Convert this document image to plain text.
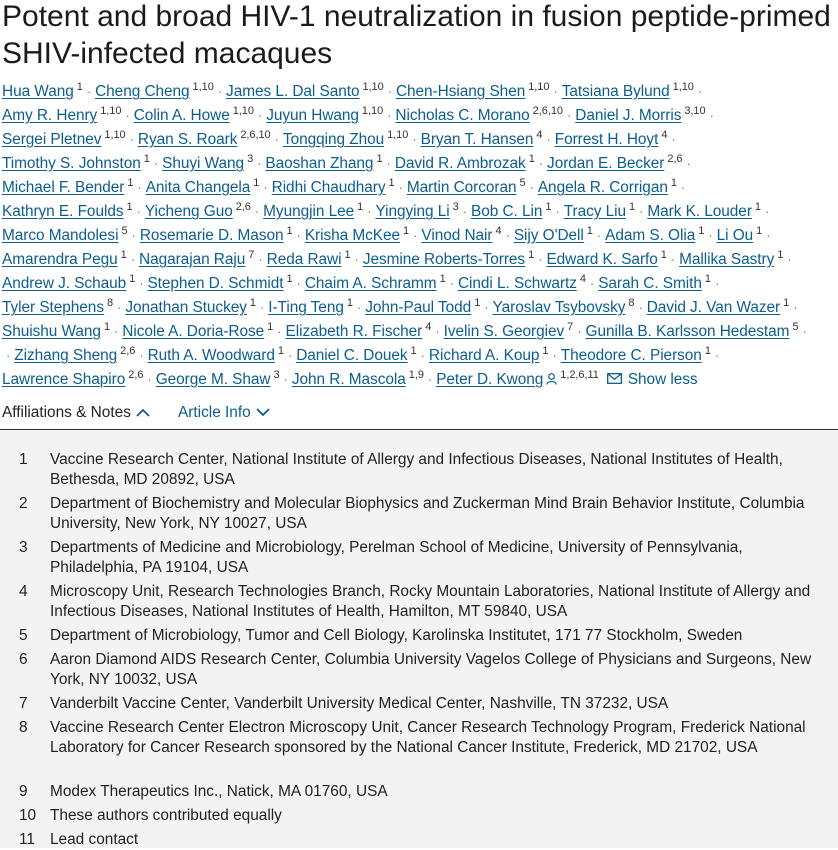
Potent and broad HIV-1 neutralization in fusion peptide-primed SHIV-infected macaques
Hua Wang $^1$ · Cheng Cheng $^{1,10}$ · James L. Dal Santo $^{1,10}$ · Chen-Hsiang Shen $^{1,10}$ · Tatsiana Bylund $^{1,10}$ ·
Amy R. Henry $^{1,10}$ · Colin A. Howe $^{1,10}$ · Juyun Hwang $^{1,10}$ · Nicholas C. Morano $^{2,6,10}$ · Daniel J. Morris $^{3,10}$ ·
Sergei Pletnev $^{1,10}$ · Ryan S. Roark $^{2,6,10}$ · Tongqing Zhou $^{1,10}$ · Bryan T. Hansen $^4$ · Forrest H. Hoyt $^4$ ·
Timothy S. Johnston $^1$ · Shuyi Wang $^3$ · Baoshan Zhang $^1$ · David R. Ambrozak $^1$ · Jordan E. Becker $^{2,6}$ ·
Michael F. Bender $^1$ · Anita Changela $^1$ · Ridhi Chaudhary $^1$ · Martin Corcoran $^5$ · Angela R. Corrigan $^1$ ·
Kathryn E. Foulds $^1$ · Yicheng Guo $^{2,6}$ · Myungjin Lee $^1$ · Yingying Li $^3$ · Bob C. Lin $^1$ · Tracy Liu $^1$ · Mark K. Louder $^1$ ·
Marco Mandolesi $^5$ · Rosemarie D. Mason $^1$ · Krisha McKee $^1$ · Vinod Nair $^4$ · Sijy O'Dell $^1$ · Adam S. Olia $^1$ · Li Ou $^1$ ·
Amarendra Pegu $^1$ · Nagarajan Raju $^7$ · Reda Rawi $^1$ · Jesmine Roberts-Torres $^1$ · Edward K. Sarfo $^1$ · Mallika Sastry $^1$ ·
Andrew J. Schaub $^1$ · Stephen D. Schmidt $^1$ · Chaim A. Schramm $^1$ · Cindi L. Schwartz $^4$ · Sarah C. Smith $^1$ ·
Tyler Stephens $^8$ · Jonathan Stuckey $^1$ · I-Ting Teng $^1$ · John-Paul Todd $^1$ · Yaroslav Tsybovsky $^8$ · David J. Van Wazer $^1$ ·
Shuishu Wang $^1$ · Nicole A. Doria-Rose $^1$ · Elizabeth R. Fischer $^4$ · Ivelin S. Georgiev $^7$ · Gunilla B. Karlsson Hedestam $^5$ ·
· Zizhang Sheng $^{2,6}$ · Ruth A. Woodward $^1$ · Daniel C. Douek $^1$ · Richard A. Koup $^1$ · Theodore C. Pierson $^1$ ·
Lawrence Shapiro $^{2,6}$ · George M. Shaw $^3$ · John R. Mascola $^{1,9}$ · Peter D. Kwong $^{1,2,6,11}$ Show less
Affiliations & Notes	Article Info
1 Vaccine Research Center, National Institute of Allergy and Infectious Diseases, National Institutes of Health, Bethesda, MD 20892, USA
2 Department of Biochemistry and Molecular Biophysics and Zuckerman Mind Brain Behavior Institute, Columbia University, New York, NY 10027, USA
3 Departments of Medicine and Microbiology, Perelman School of Medicine, University of Pennsylvania, Philadelphia, PA 19104, USA
4 Microscopy Unit, Research Technologies Branch, Rocky Mountain Laboratories, National Institute of Allergy and Infectious Diseases, National Institutes of Health, Hamilton, MT 59840, USA
5 Department of Microbiology, Tumor and Cell Biology, Karolinska Institutet, 171 77 Stockholm, Sweden
6 Aaron Diamond AIDS Research Center, Columbia University Vagelos College of Physicians and Surgeons, New York, NY 10032, USA
7 Vanderbilt Vaccine Center, Vanderbilt University Medical Center, Nashville, TN 37232, USA
8 Vaccine Research Center Electron Microscopy Unit, Cancer Research Technology Program, Frederick National Laboratory for Cancer Research sponsored by the National Cancer Institute, Frederick, MD 21702, USA
9 Modex Therapeutics Inc., Natick, MA 01760, USA
10 These authors contributed equally
11 Lead contact
